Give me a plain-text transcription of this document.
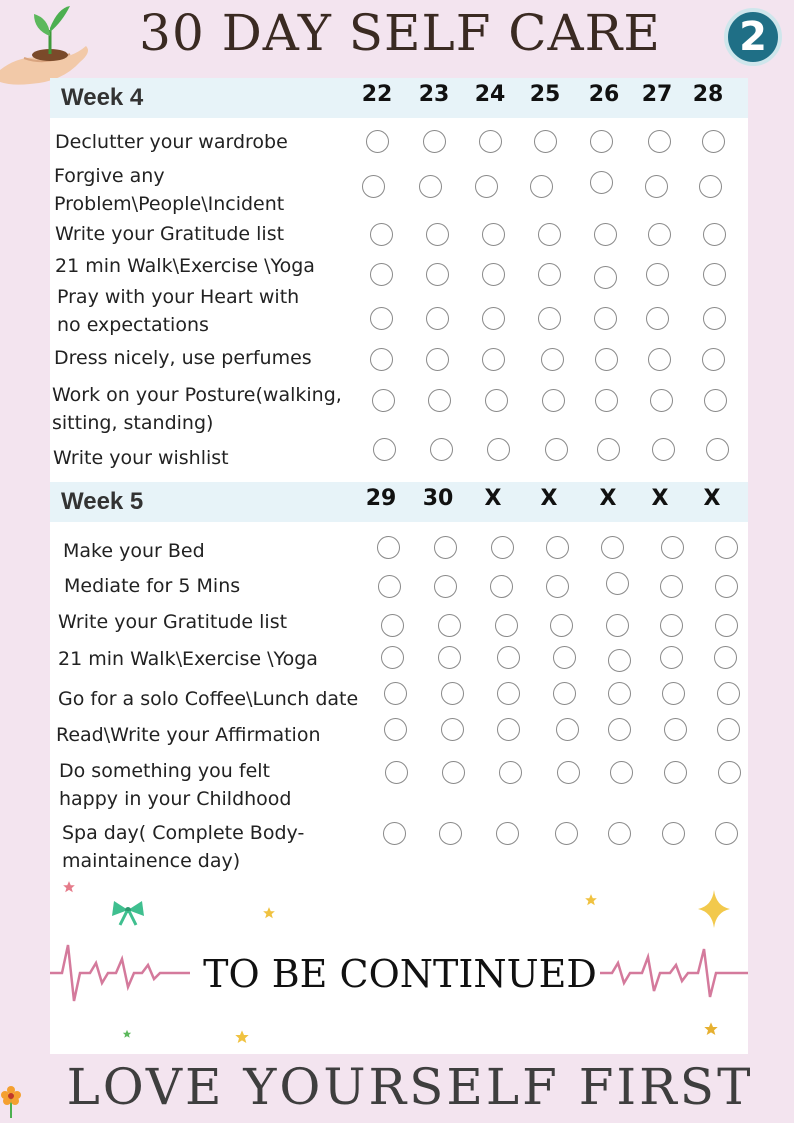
30 DAY SELF CARE	2
Week 4	22	23	24	25	26	27 28
Declutter your wardrobe
Forgive any
Problem\People\Incident
Write your Gratitude list
21 min Walk\Exercise \Yoga
Pray with your Heart with
no expectations
Dress nicely, use perfumes
Work on your Posture(walking,
sitting, standing)
Write your wishlist
Week 5	29	30	X	X	X	X	X
Make your Bed
Mediate for 5 Mins
Write your Gratitude list
21 min Walk\Exercise \Yoga
Go for a solo Coffee\Lunch date
Read\Write your Affirmation
Do something you felt
happy in your Childhood
Spa day( Complete Body-
maintainence day)
TO BE CONTINUED
LOVE YOURSELF FIRST
